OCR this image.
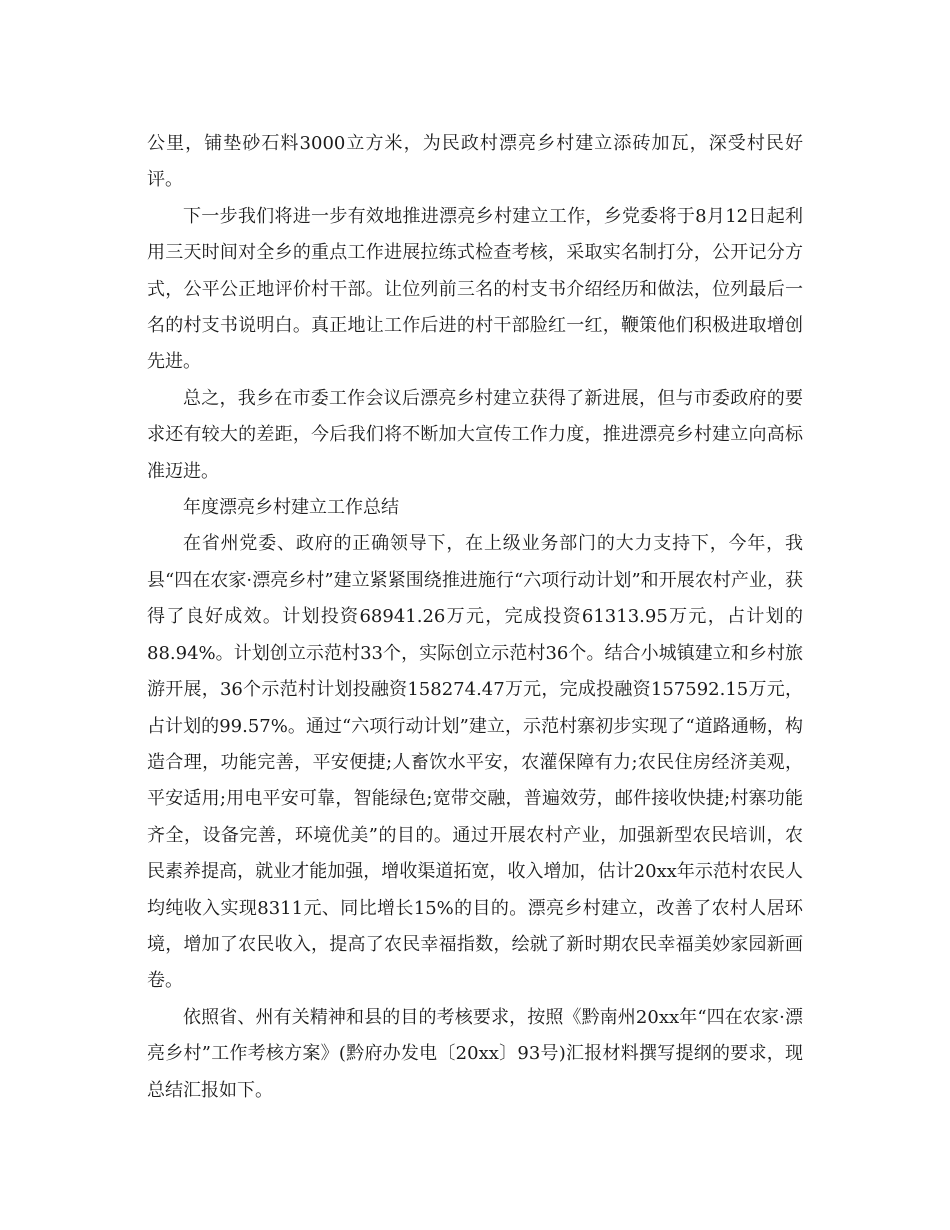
公里，铺垫砂石料3000立方米，为民政村漂亮乡村建立添砖加瓦，深受村民好评。

下一步我们将进一步有效地推进漂亮乡村建立工作，乡党委将于8月12日起利用三天时间对全乡的重点工作进展拉练式检查考核，采取实名制打分，公开记分方式，公平公正地评价村干部。让位列前三名的村支书介绍经历和做法，位列最后一名的村支书说明白。真正地让工作后进的村干部脸红一红，鞭策他们积极进取增创先进。

总之，我乡在市委工作会议后漂亮乡村建立获得了新进展，但与市委政府的要求还有较大的差距，今后我们将不断加大宣传工作力度，推进漂亮乡村建立向高标准迈进。

年度漂亮乡村建立工作总结

在省州党委、政府的正确领导下，在上级业务部门的大力支持下，今年，我县“四在农家·漂亮乡村”建立紧紧围绕推进施行“六项行动计划”和开展农村产业，获得了良好成效。计划投资68941.26万元，完成投资61313.95万元，占计划的88.94%。计划创立示范村33个，实际创立示范村36个。结合小城镇建立和乡村旅游开展，36个示范村计划投融资158274.47万元，完成投融资157592.15万元，占计划的99.57%。通过“六项行动计划”建立，示范村寨初步实现了“道路通畅，构造合理，功能完善，平安便捷;人畜饮水平安，农灌保障有力;农民住房经济美观，平安适用;用电平安可靠，智能绿色;宽带交融，普遍效劳，邮件接收快捷;村寨功能齐全，设备完善，环境优美”的目的。通过开展农村产业，加强新型农民培训，农民素养提高，就业才能加强，增收渠道拓宽，收入增加，估计20xx年示范村农民人均纯收入实现8311元、同比增长15%的目的。漂亮乡村建立，改善了农村人居环境，增加了农民收入，提高了农民幸福指数，绘就了新时期农民幸福美妙家园新画卷。

依照省、州有关精神和县的目的考核要求，按照《黔南州20xx年“四在农家·漂亮乡村”工作考核方案》(黔府办发电〔20xx〕93号)汇报材料撰写提纲的要求，现总结汇报如下。
